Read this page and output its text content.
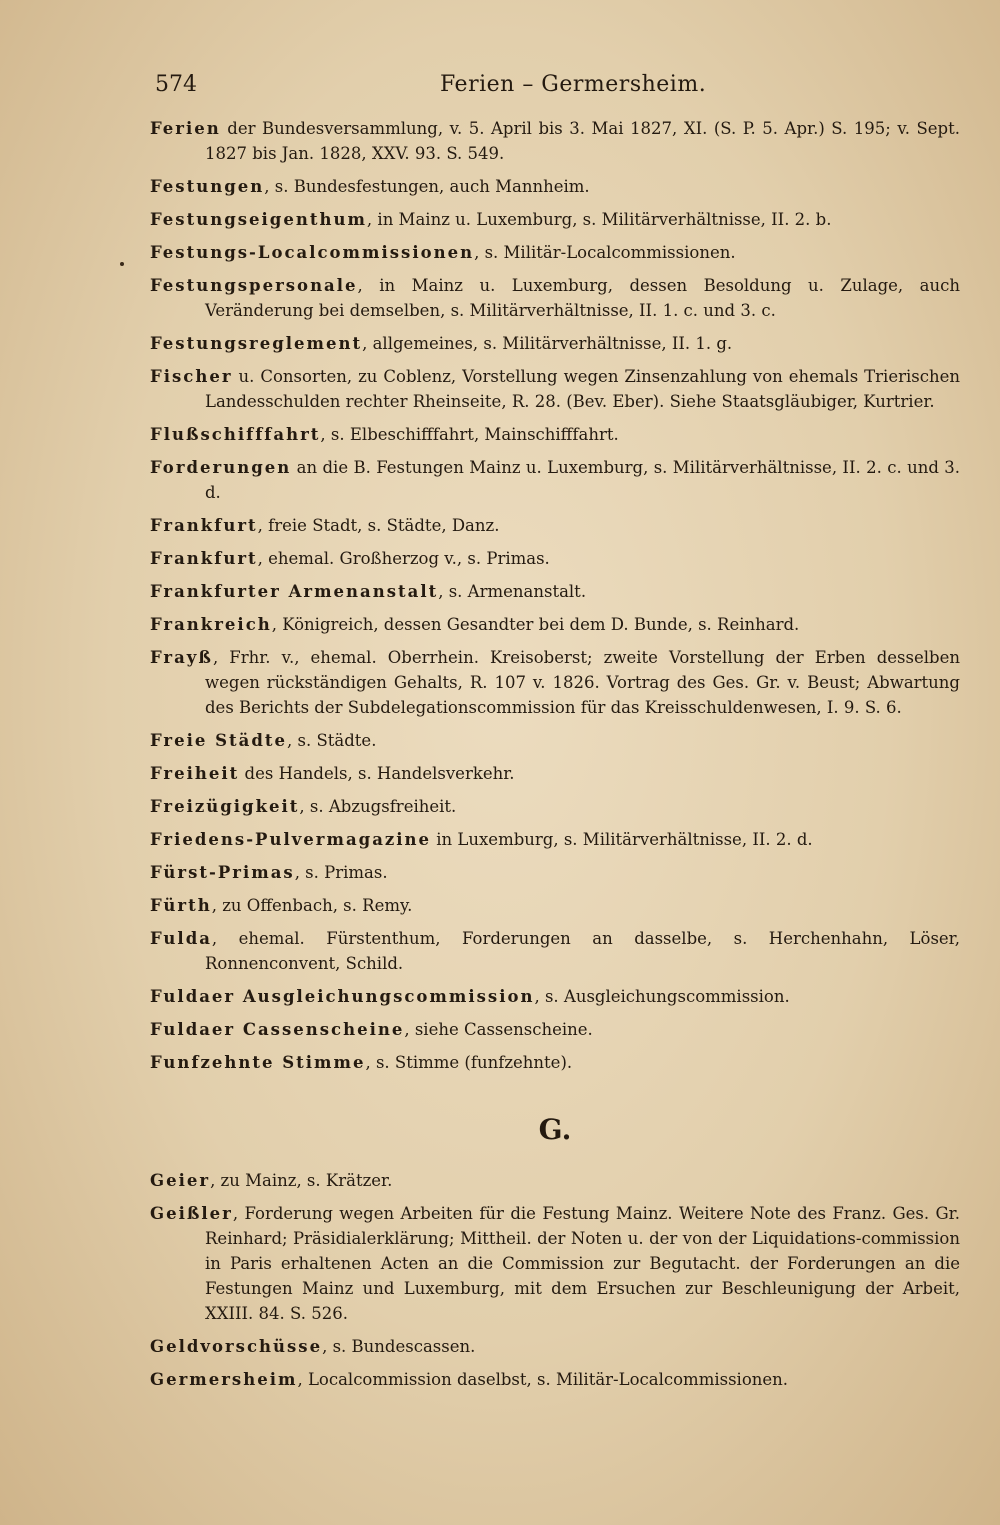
574	Ferien – Germersheim.
Ferien der Bundesversammlung, v. 5. April bis 3. Mai 1827, XI. (S. P. 5. Apr.) S. 195; v. Sept. 1827 bis Jan. 1828, XXV. 93. S. 549.
Festungen, s. Bundesfestungen, auch Mannheim.
Festungseigenthum, in Mainz u. Luxemburg, s. Militärverhältnisse, II. 2. b.
Festungs-Localcommissionen, s. Militär-Localcommissionen.
Festungspersonale, in Mainz u. Luxemburg, dessen Besoldung u. Zulage, auch Veränderung bei demselben, s. Militärverhältnisse, II. 1. c. und 3. c.
Festungsreglement, allgemeines, s. Militärverhältnisse, II. 1. g.
Fischer u. Consorten, zu Coblenz, Vorstellung wegen Zinsenzahlung von ehemals Trierischen Landesschulden rechter Rheinseite, R. 28. (Bev. Eber). Siehe Staatsgläubiger, Kurtrier.
Flußschifffahrt, s. Elbeschifffahrt, Mainschifffahrt.
Forderungen an die B. Festungen Mainz u. Luxemburg, s. Militärverhältnisse, II. 2. c. und 3. d.
Frankfurt, freie Stadt, s. Städte, Danz.
Frankfurt, ehemal. Großherzog v., s. Primas.
Frankfurter Armenanstalt, s. Armenanstalt.
Frankreich, Königreich, dessen Gesandter bei dem D. Bunde, s. Reinhard.
Frayß, Frhr. v., ehemal. Oberrhein. Kreisoberst; zweite Vorstellung der Erben desselben wegen rückständigen Gehalts, R. 107 v. 1826. Vortrag des Ges. Gr. v. Beust; Abwartung des Berichts der Subdelegationscommission für das Kreisschuldenwesen, I. 9. S. 6.
Freie Städte, s. Städte.
Freiheit des Handels, s. Handelsverkehr.
Freizügigkeit, s. Abzugsfreiheit.
Friedens-Pulvermagazine in Luxemburg, s. Militärverhältnisse, II. 2. d.
Fürst-Primas, s. Primas.
Fürth, zu Offenbach, s. Remy.
Fulda, ehemal. Fürstenthum, Forderungen an dasselbe, s. Herchenhahn, Löser, Ronnenconvent, Schild.
Fuldaer Ausgleichungscommission, s. Ausgleichungscommission.
Fuldaer Cassenscheine, siehe Cassenscheine.
Funfzehnte Stimme, s. Stimme (funfzehnte).
G.
Geier, zu Mainz, s. Krätzer.
Geißler, Forderung wegen Arbeiten für die Festung Mainz. Weitere Note des Franz. Ges. Gr. Reinhard; Präsidialerklärung; Mittheil. der Noten u. der von der Liquidations-commission in Paris erhaltenen Acten an die Commission zur Begutacht. der Forderungen an die Festungen Mainz und Luxemburg, mit dem Ersuchen zur Beschleunigung der Arbeit, XXIII. 84. S. 526.
Geldvorschüsse, s. Bundescassen.
Germersheim, Localcommission daselbst, s. Militär-Localcommissionen.
